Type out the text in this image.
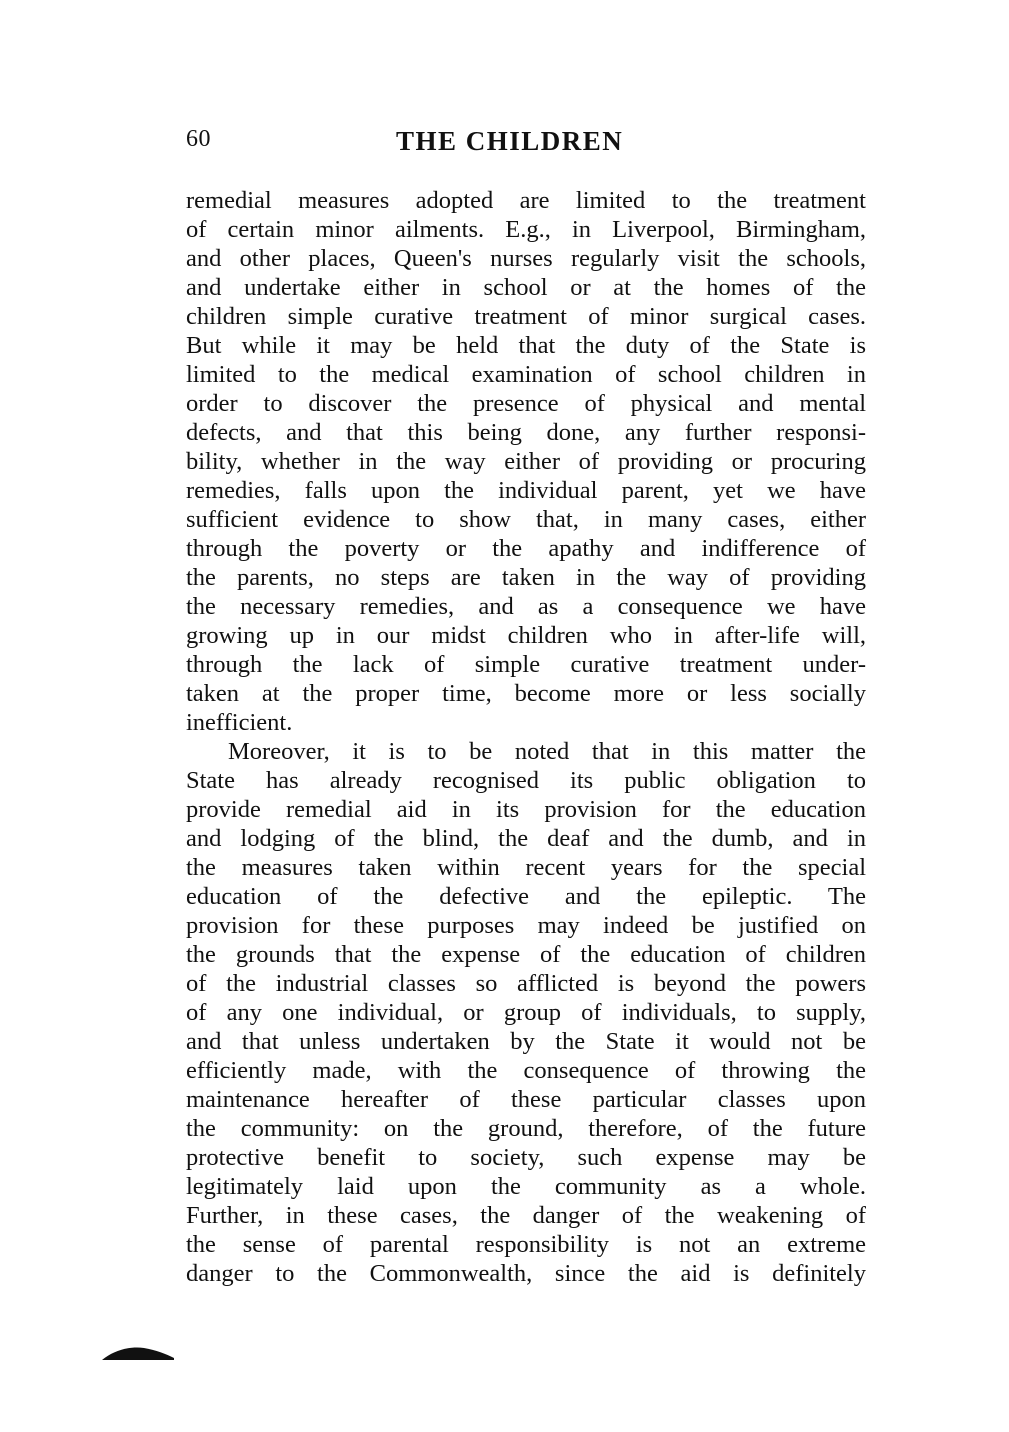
60	THE CHILDREN
remedial measures adopted are limited to the treatment
of certain minor ailments. E.g., in Liverpool, Birmingham,
and other places, Queen's nurses regularly visit the schools,
and undertake either in school or at the homes of the
children simple curative treatment of minor surgical cases.
But while it may be held that the duty of the State is
limited to the medical examination of school children in
order to discover the presence of physical and mental
defects, and that this being done, any further responsi-
bility, whether in the way either of providing or procuring
remedies, falls upon the individual parent, yet we have
sufficient evidence to show that, in many cases, either
through the poverty or the apathy and indifference of
the parents, no steps are taken in the way of providing
the necessary remedies, and as a consequence we have
growing up in our midst children who in after-life will,
through the lack of simple curative treatment under-
taken at the proper time, become more or less socially
inefficient.
Moreover, it is to be noted that in this matter the
State has already recognised its public obligation to
provide remedial aid in its provision for the education
and lodging of the blind, the deaf and the dumb, and in
the measures taken within recent years for the special
education of the defective and the epileptic. The
provision for these purposes may indeed be justified on
the grounds that the expense of the education of children
of the industrial classes so afflicted is beyond the powers
of any one individual, or group of individuals, to supply,
and that unless undertaken by the State it would not be
efficiently made, with the consequence of throwing the
maintenance hereafter of these particular classes upon
the community: on the ground, therefore, of the future
protective benefit to society, such expense may be
legitimately laid upon the community as a whole.
Further, in these cases, the danger of the weakening of
the sense of parental responsibility is not an extreme
danger to the Commonwealth, since the aid is definitely
